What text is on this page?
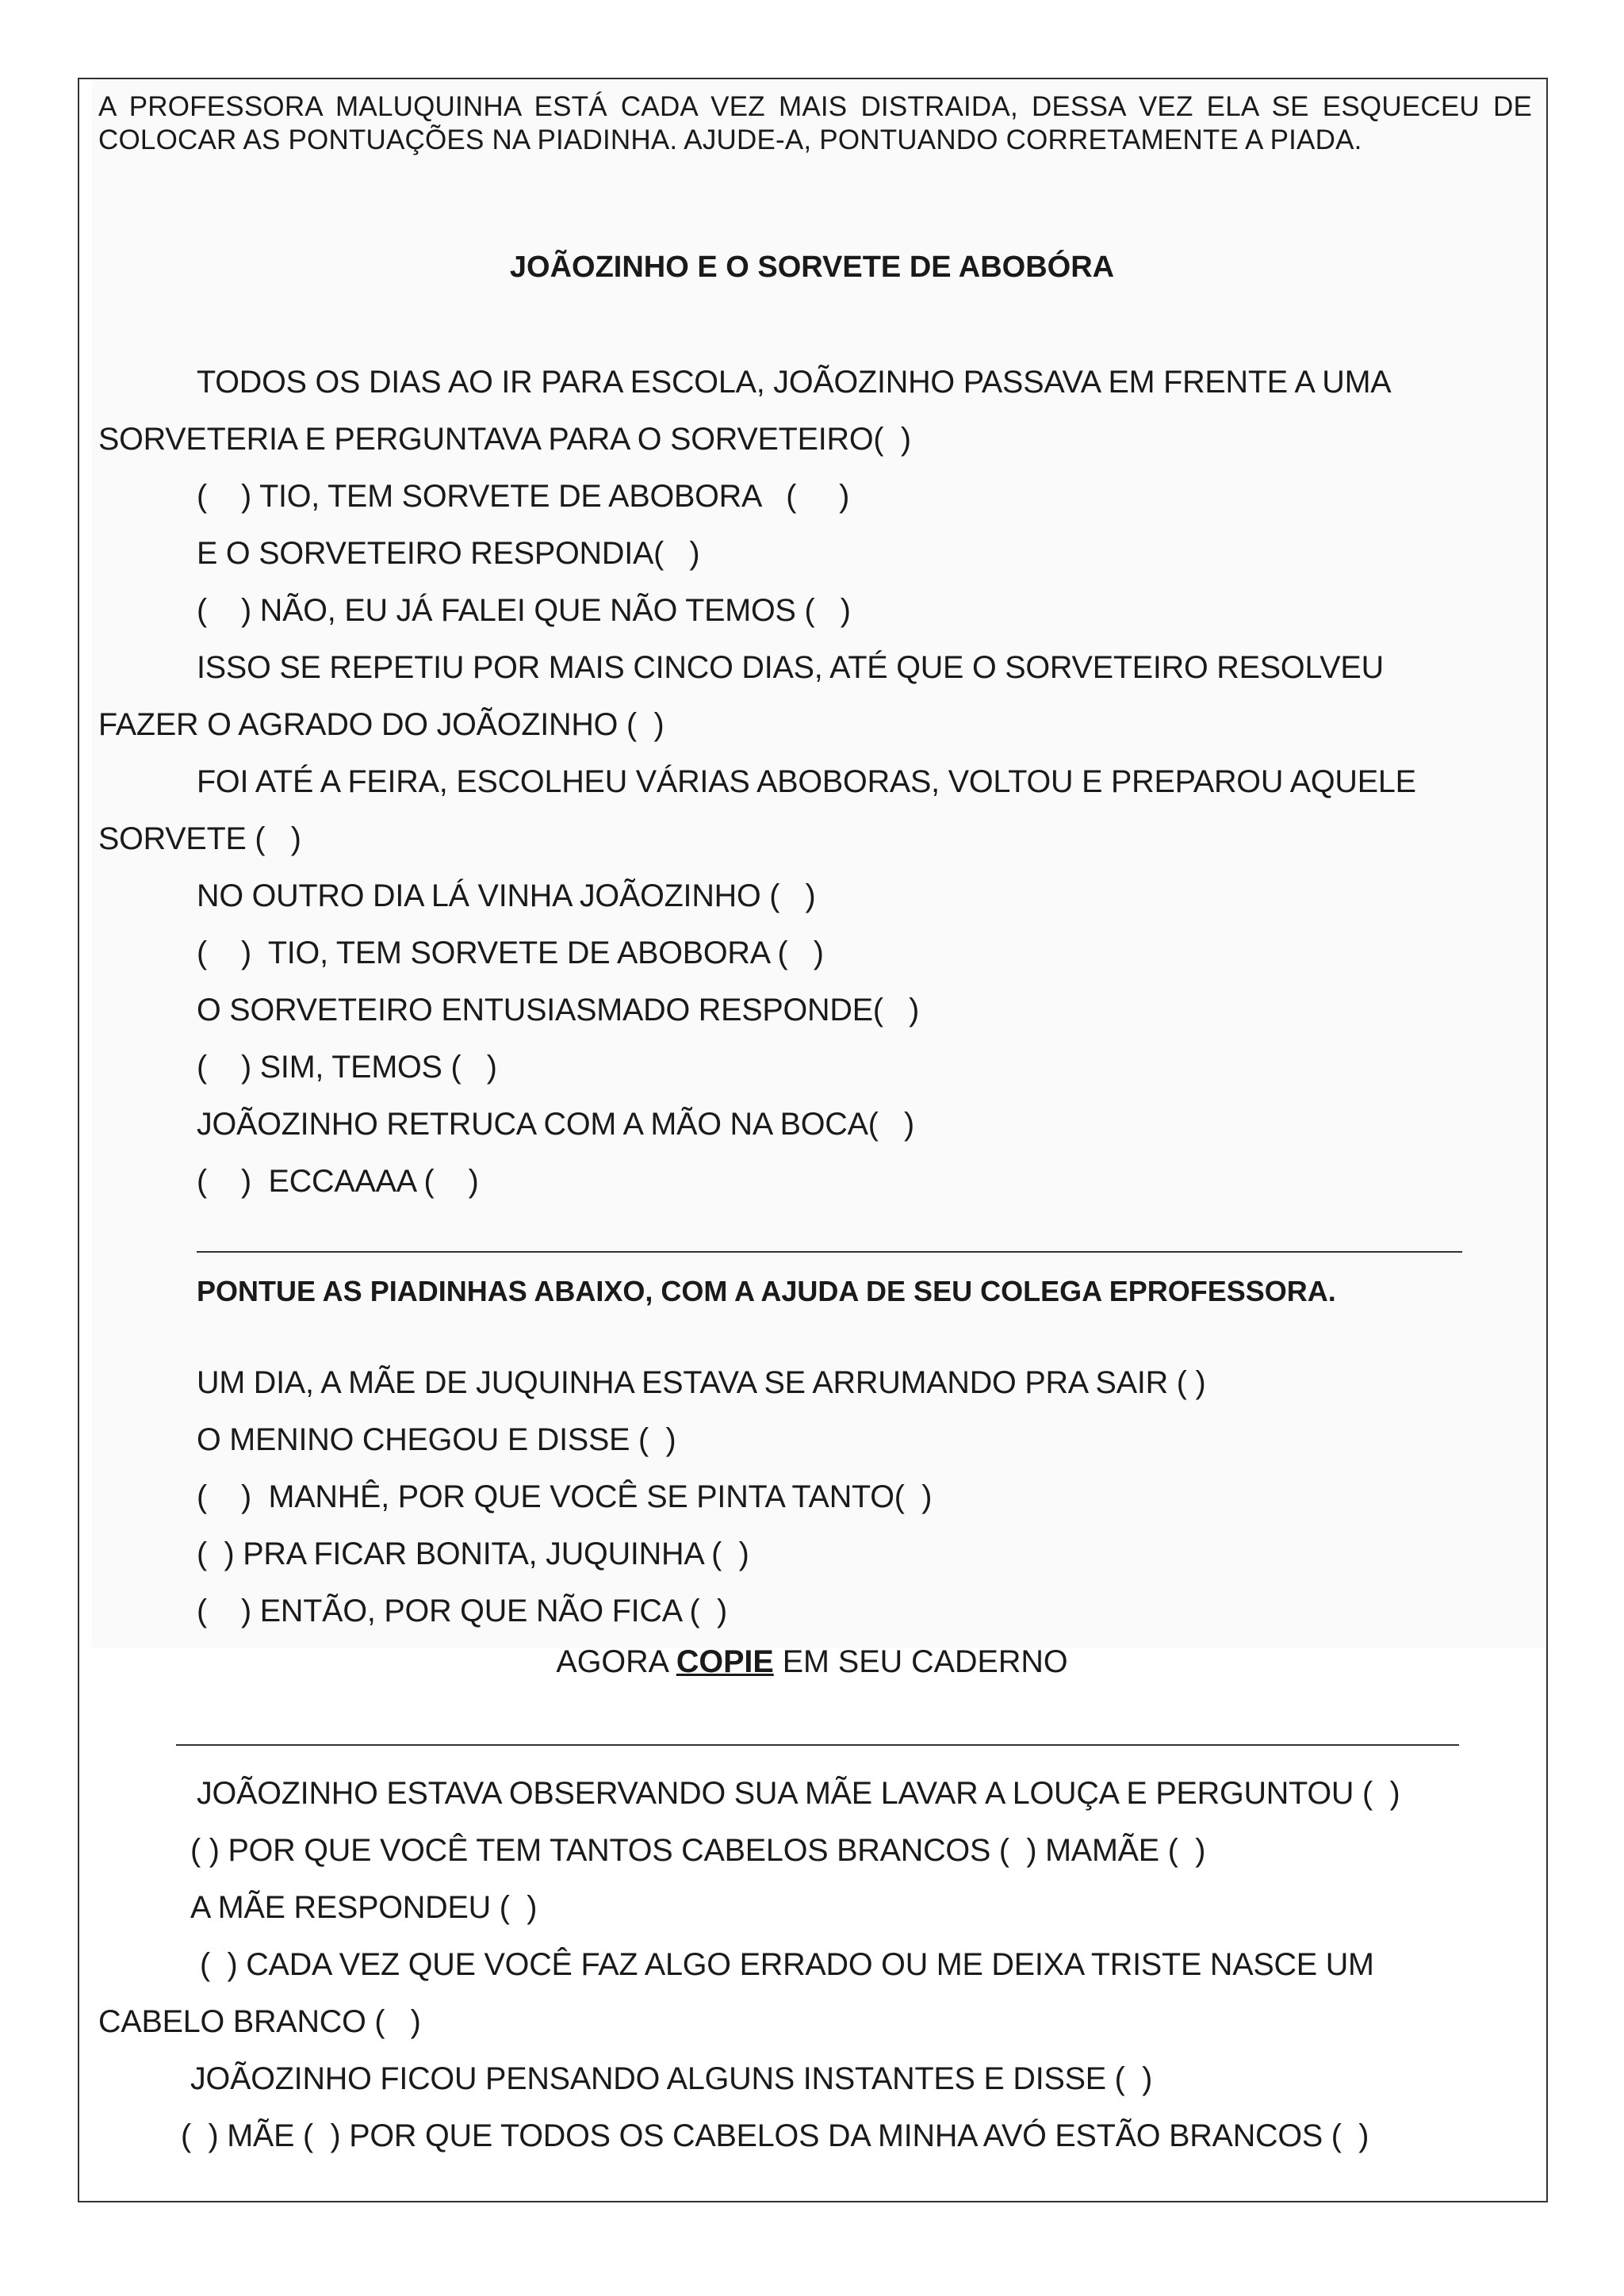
A PROFESSORA MALUQUINHA ESTÁ CADA VEZ MAIS DISTRAIDA, DESSA VEZ ELA SE ESQUECEU DE COLOCAR AS PONTUAÇÕES NA PIADINHA. AJUDE-A, PONTUANDO CORRETAMENTE A PIADA.
JOÃOZINHO E O SORVETE DE ABOBÓRA
TODOS OS DIAS AO IR PARA ESCOLA, JOÃOZINHO PASSAVA EM FRENTE A UMA
SORVETERIA E PERGUNTAVA PARA O SORVETEIRO(  )
(    ) TIO, TEM SORVETE DE ABOBORA   (     )
E O SORVETEIRO RESPONDIA(   )
(    ) NÃO, EU JÁ FALEI QUE NÃO TEMOS (   )
ISSO SE REPETIU POR MAIS CINCO DIAS, ATÉ QUE O SORVETEIRO RESOLVEU
FAZER O AGRADO DO JOÃOZINHO (  )
FOI ATÉ A FEIRA, ESCOLHEU VÁRIAS ABOBORAS, VOLTOU E PREPAROU AQUELE
SORVETE (   )
NO OUTRO DIA LÁ VINHA JOÃOZINHO (   )
(    )  TIO, TEM SORVETE DE ABOBORA (   )
O SORVETEIRO ENTUSIASMADO RESPONDE(   )
(    ) SIM, TEMOS (   )
JOÃOZINHO RETRUCA COM A MÃO NA BOCA(   )
(    )  ECCAAAA (    )
PONTUE AS PIADINHAS ABAIXO, COM A AJUDA DE SEU COLEGA EPROFESSORA.
UM DIA, A MÃE DE JUQUINHA ESTAVA SE ARRUMANDO PRA SAIR ( )
O MENINO CHEGOU E DISSE (  )
(    )  MANHÊ, POR QUE VOCÊ SE PINTA TANTO(  )
(  ) PRA FICAR BONITA, JUQUINHA (  )
(    ) ENTÃO, POR QUE NÃO FICA (  )
AGORA COPIE EM SEU CADERNO
JOÃOZINHO ESTAVA OBSERVANDO SUA MÃE LAVAR A LOUÇA E PERGUNTOU (  )
( ) POR QUE VOCÊ TEM TANTOS CABELOS BRANCOS (  ) MAMÃE (  )
A MÃE RESPONDEU (  )
(  ) CADA VEZ QUE VOCÊ FAZ ALGO ERRADO OU ME DEIXA TRISTE NASCE UM
CABELO BRANCO (   )
JOÃOZINHO FICOU PENSANDO ALGUNS INSTANTES E DISSE (  )
(  ) MÃE (  ) POR QUE TODOS OS CABELOS DA MINHA AVÓ ESTÃO BRANCOS (  )
